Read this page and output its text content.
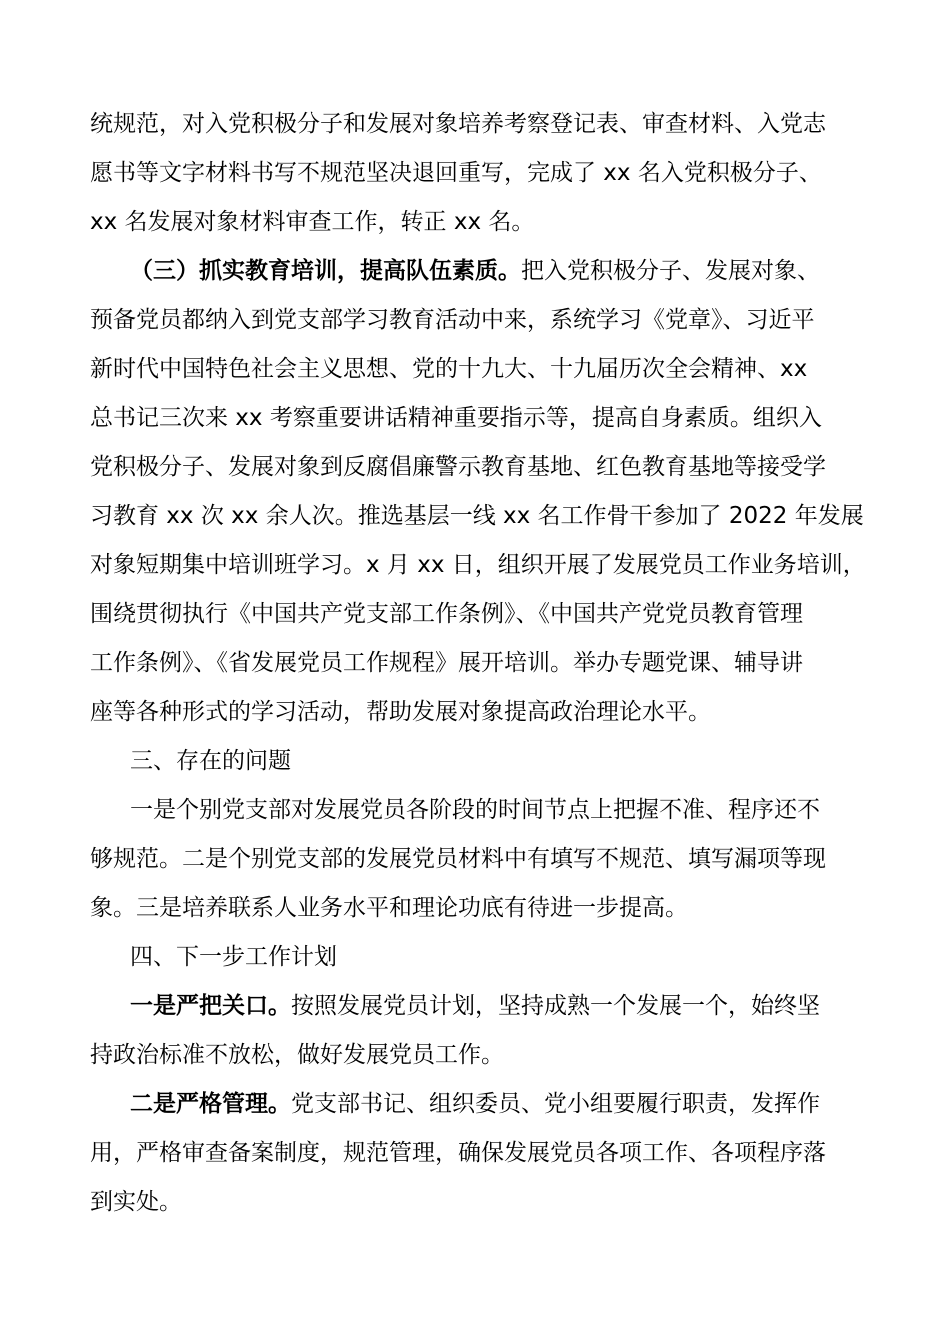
统规范，对入党积极分子和发展对象培养考察登记表、审查材料、入党志
愿书等文字材料书写不规范坚决退回重写，完成了 xx 名入党积极分子、
xx 名发展对象材料审查工作，转正 xx 名。
（三）抓实教育培训，提高队伍素质。把入党积极分子、发展对象、
预备党员都纳入到党支部学习教育活动中来，系统学习《党章》、习近平
新时代中国特色社会主义思想、党的十九大、十九届历次全会精神、xx
总书记三次来 xx 考察重要讲话精神重要指示等，提高自身素质。组织入
党积极分子、发展对象到反腐倡廉警示教育基地、红色教育基地等接受学
习教育 xx 次 xx 余人次。推选基层一线 xx 名工作骨干参加了 2022 年发展
对象短期集中培训班学习。x 月 xx 日，组织开展了发展党员工作业务培训，
围绕贯彻执行《中国共产党支部工作条例》、《中国共产党党员教育管理
工作条例》、《省发展党员工作规程》展开培训。举办专题党课、辅导讲
座等各种形式的学习活动，帮助发展对象提高政治理论水平。
三、存在的问题
一是个别党支部对发展党员各阶段的时间节点上把握不准、程序还不
够规范。二是个别党支部的发展党员材料中有填写不规范、填写漏项等现
象。三是培养联系人业务水平和理论功底有待进一步提高。
四、下一步工作计划
一是严把关口。按照发展党员计划，坚持成熟一个发展一个，始终坚
持政治标准不放松，做好发展党员工作。
二是严格管理。党支部书记、组织委员、党小组要履行职责，发挥作
用，严格审查备案制度，规范管理，确保发展党员各项工作、各项程序落
到实处。
